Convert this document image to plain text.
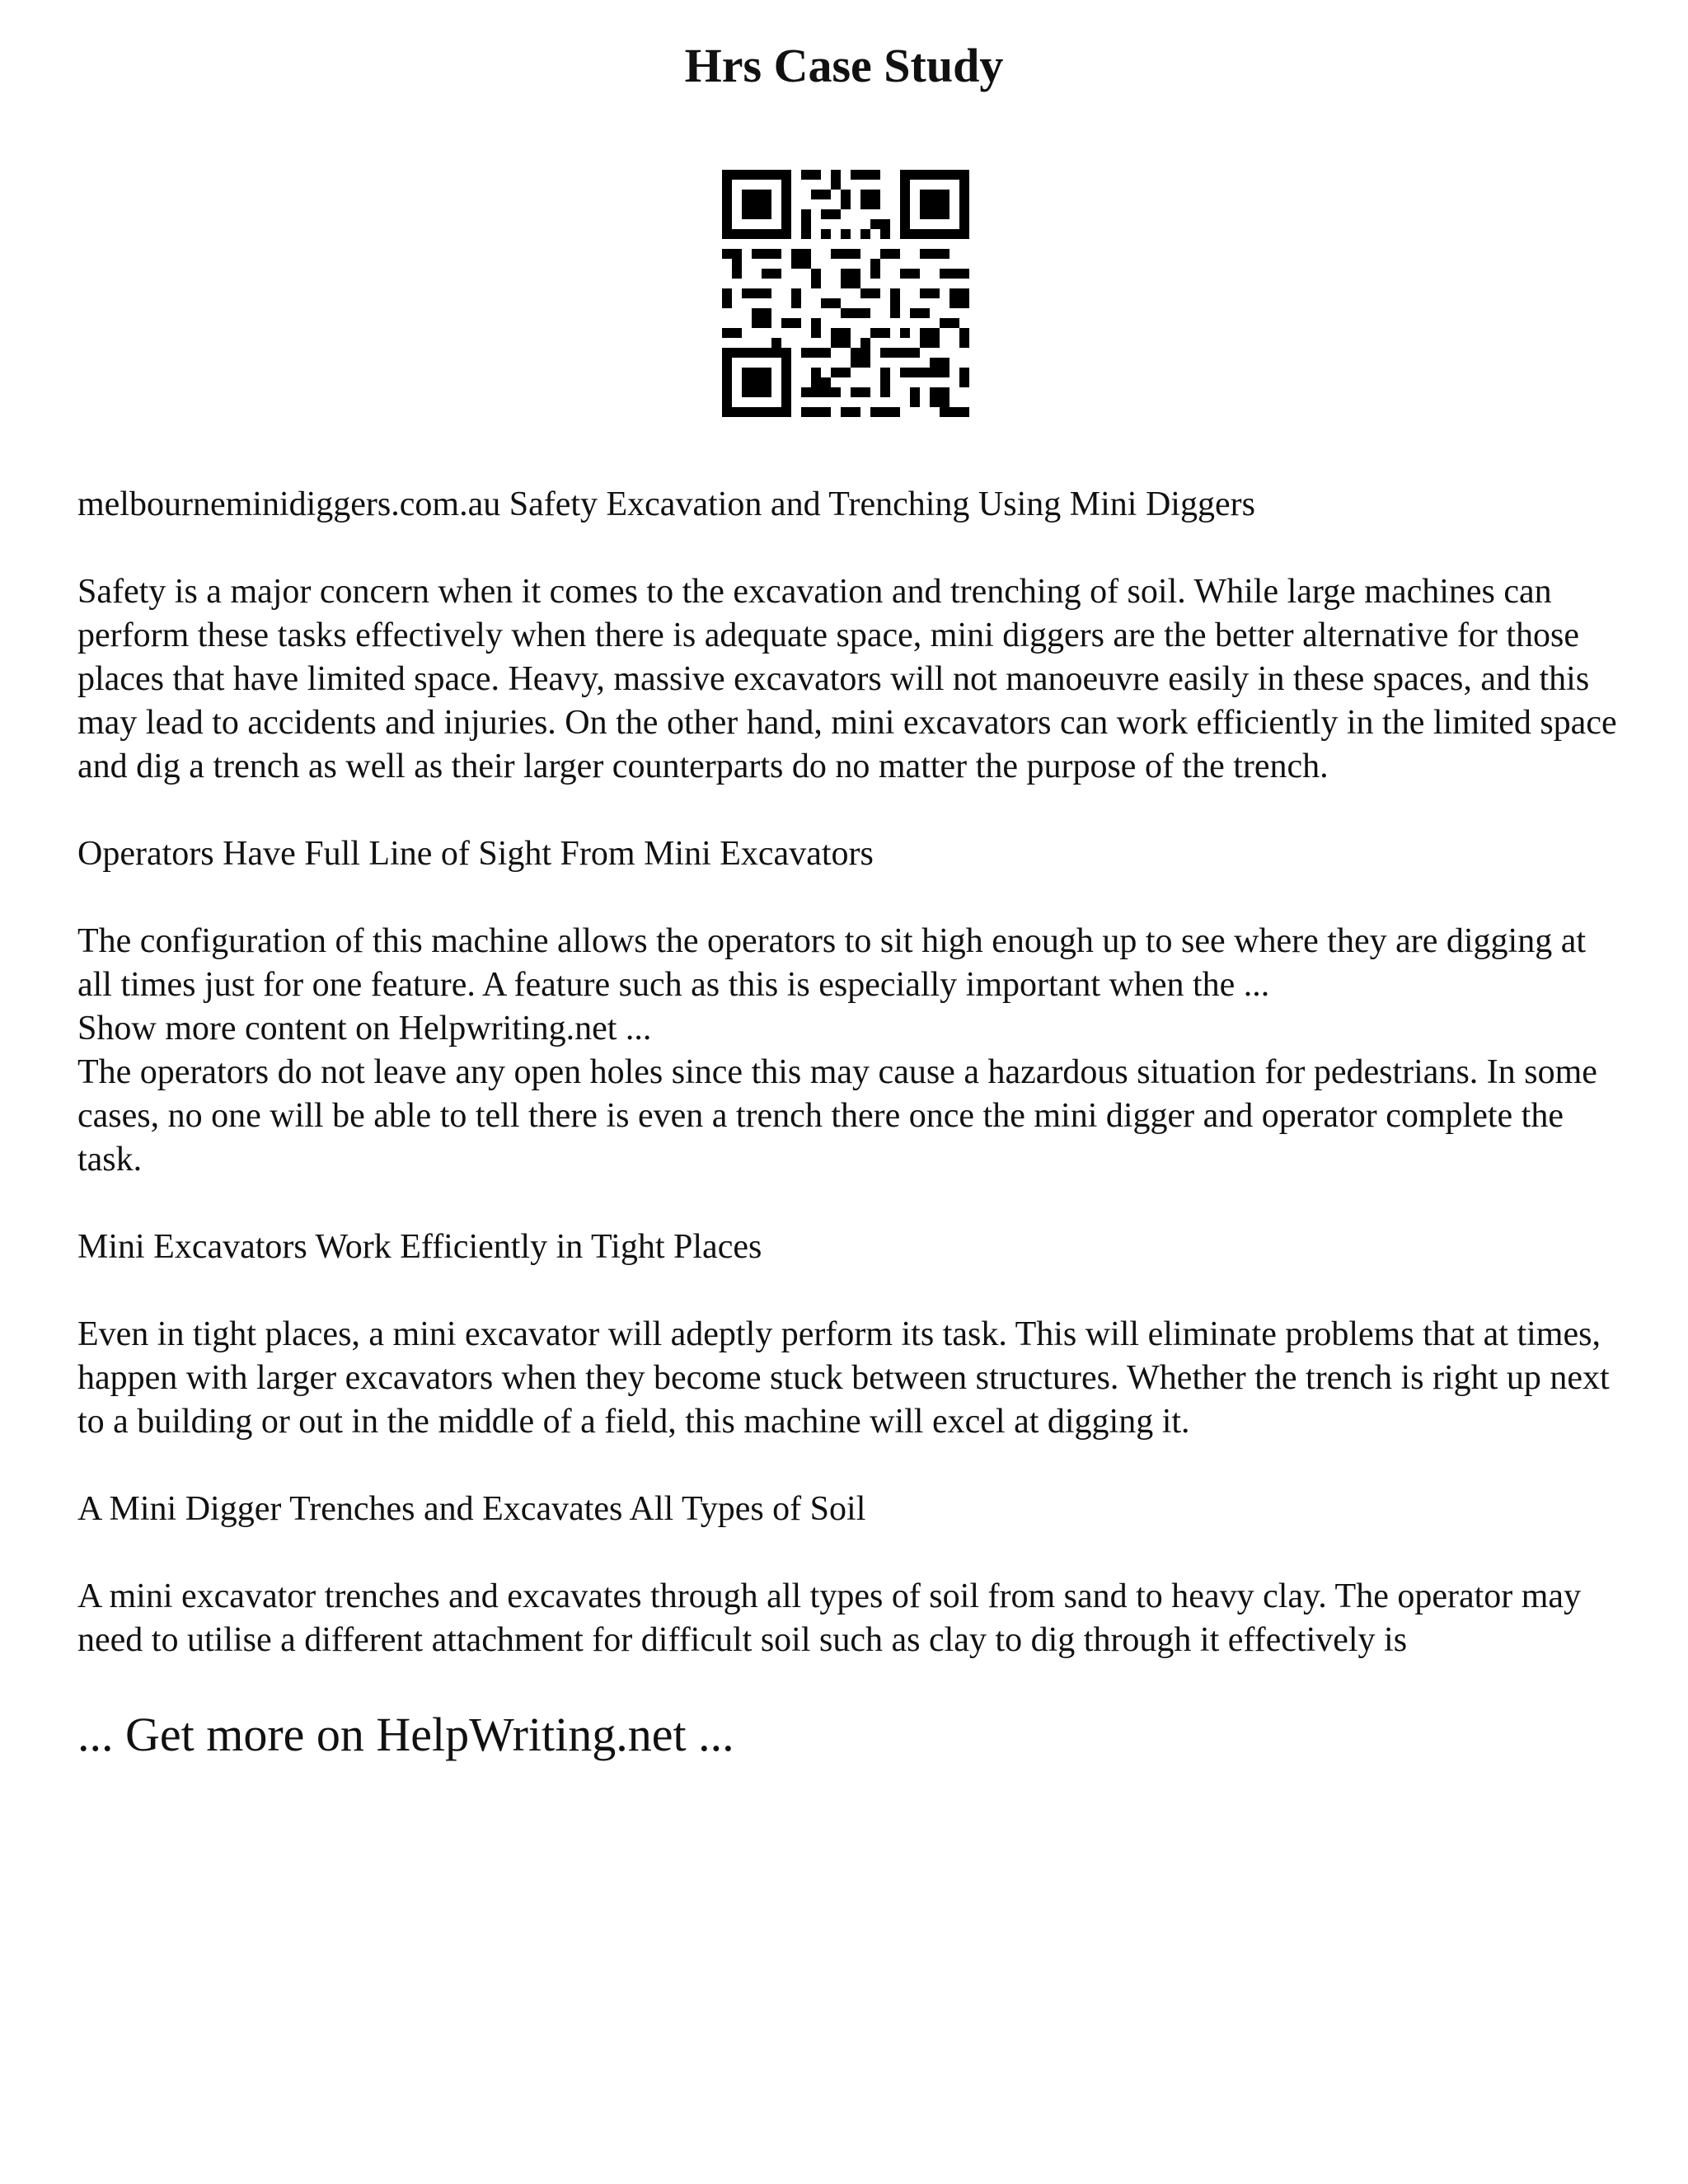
Hrs Case Study

melbourneminidiggers.com.au Safety Excavation and Trenching Using Mini Diggers

Safety is a major concern when it comes to the excavation and trenching of soil. While large machines can perform these tasks effectively when there is adequate space, mini diggers are the better alternative for those places that have limited space. Heavy, massive excavators will not manoeuvre easily in these spaces, and this may lead to accidents and injuries. On the other hand, mini excavators can work efficiently in the limited space and dig a trench as well as their larger counterparts do no matter the purpose of the trench.

Operators Have Full Line of Sight From Mini Excavators

The configuration of this machine allows the operators to sit high enough up to see where they are digging at all times just for one feature. A feature such as this is especially important when the ...

Show more content on Helpwriting.net ...

The operators do not leave any open holes since this may cause a hazardous situation for pedestrians. In some cases, no one will be able to tell there is even a trench there once the mini digger and operator complete the task.

Mini Excavators Work Efficiently in Tight Places

Even in tight places, a mini excavator will adeptly perform its task. This will eliminate problems that at times, happen with larger excavators when they become stuck between structures. Whether the trench is right up next to a building or out in the middle of a field, this machine will excel at digging it.

A Mini Digger Trenches and Excavates All Types of Soil

A mini excavator trenches and excavates through all types of soil from sand to heavy clay. The operator may need to utilise a different attachment for difficult soil such as clay to dig through it effectively is

... Get more on HelpWriting.net ...
